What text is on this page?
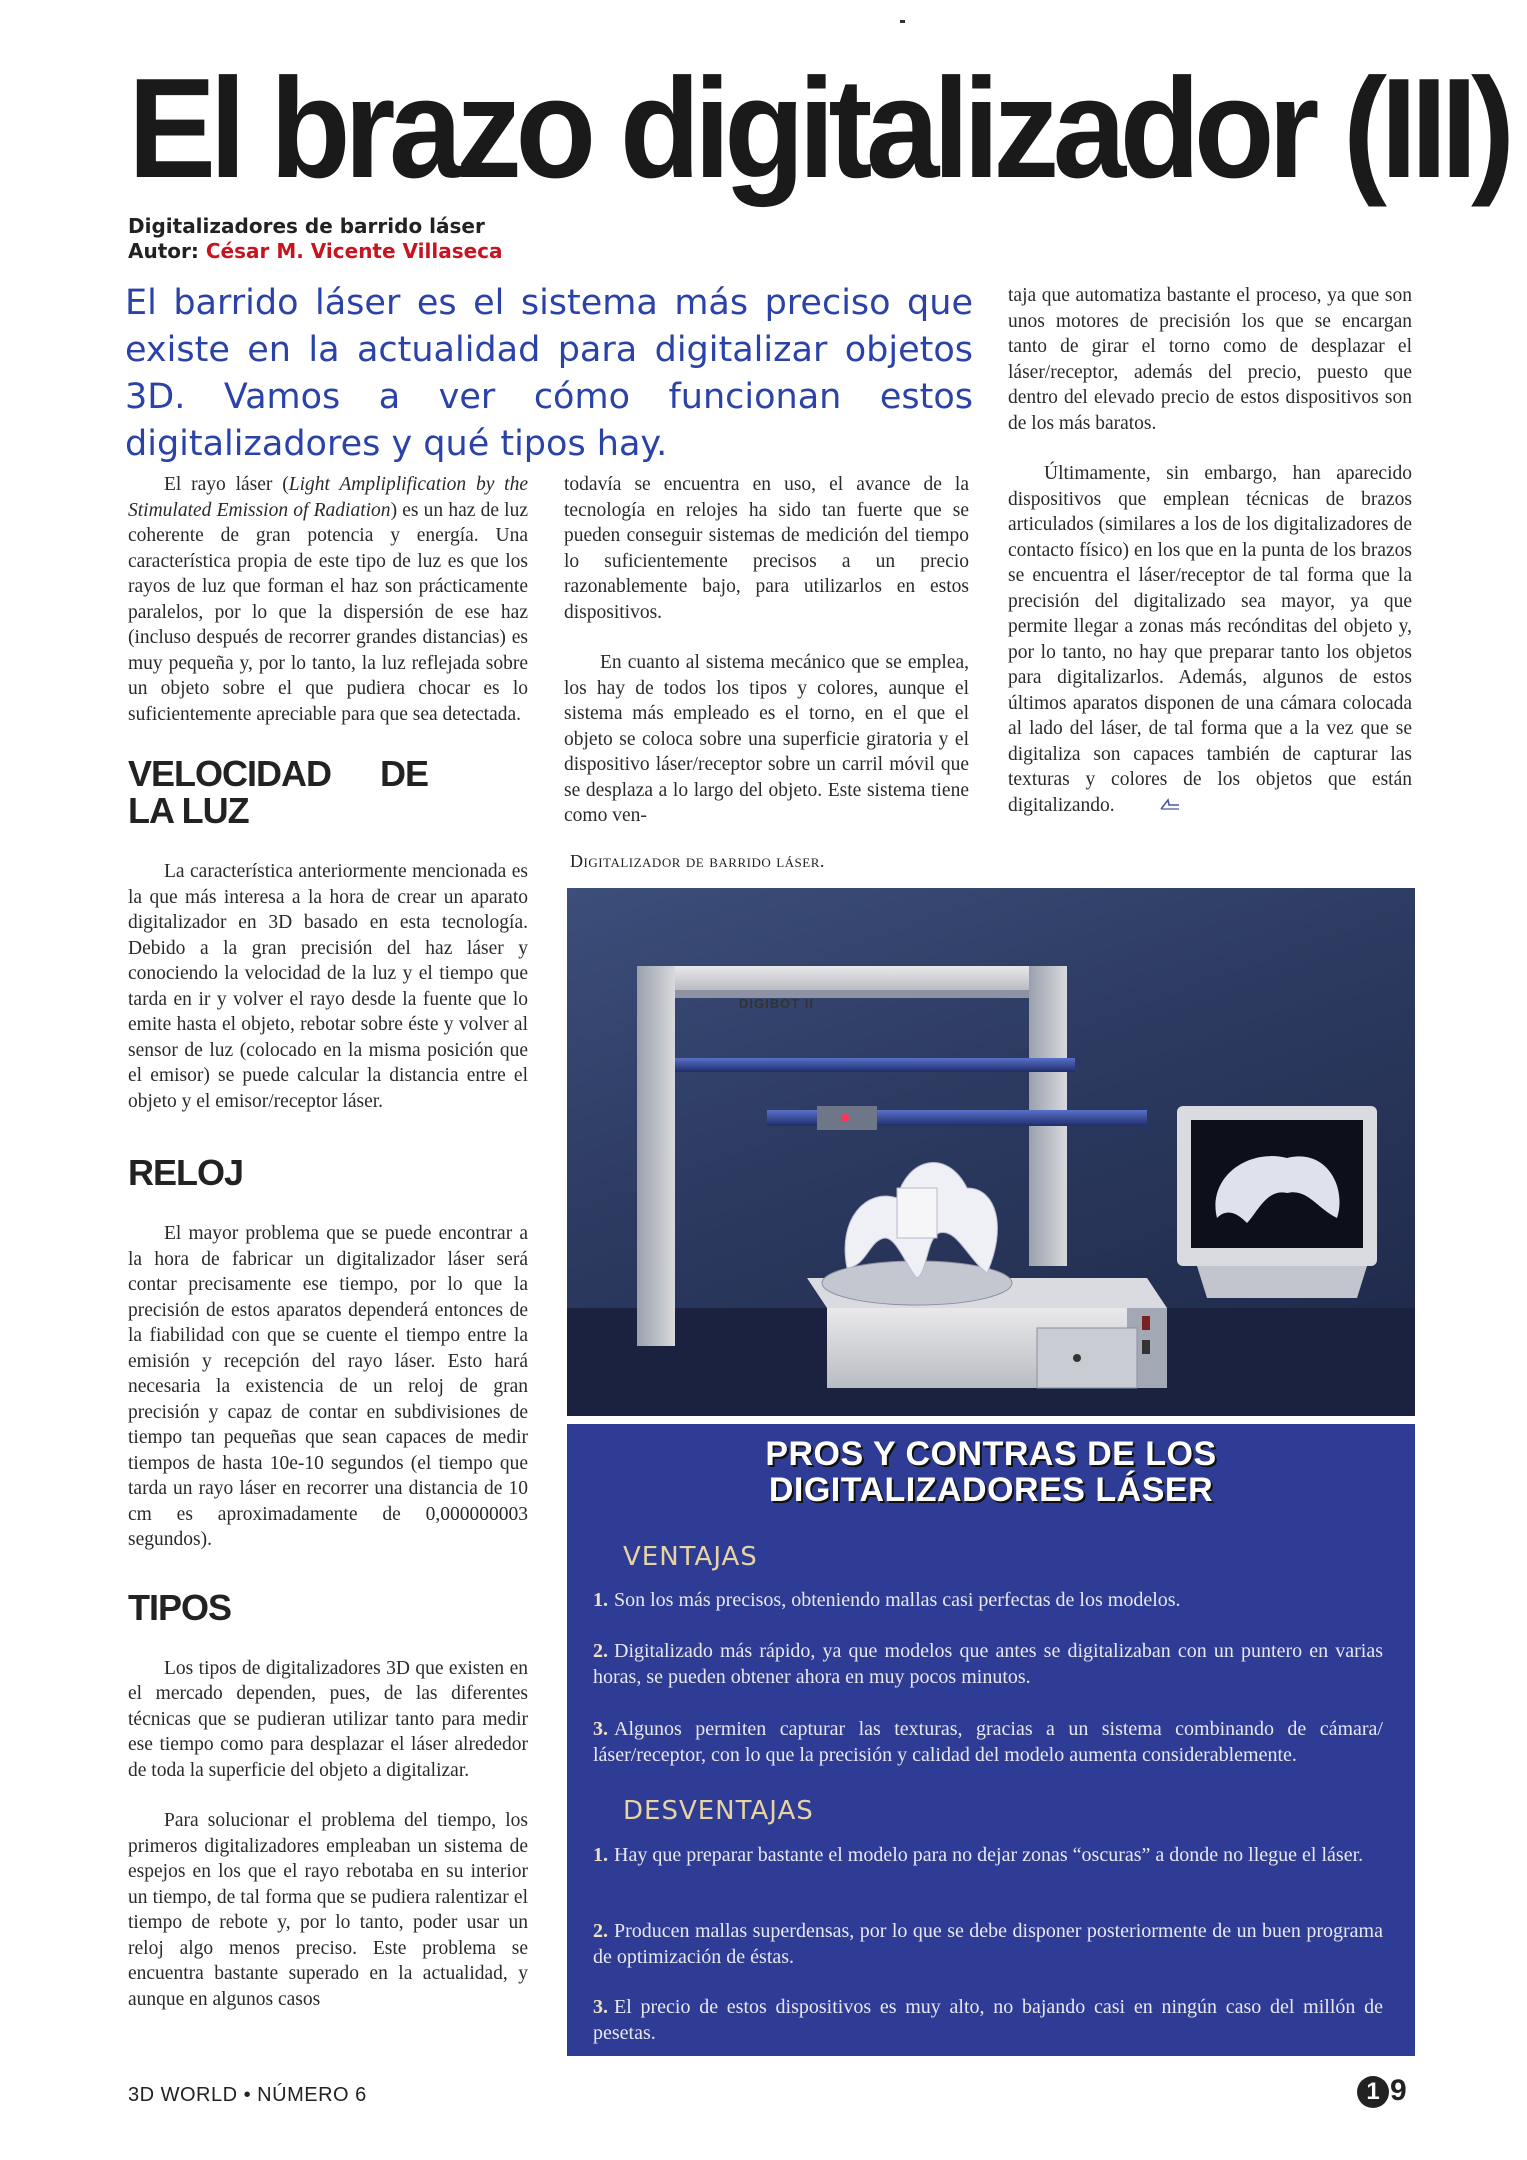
El brazo digitalizador (III)
Digitalizadores de barrido láser
Autor: César M. Vicente Villaseca
El barrido láser es el sistema más preciso que existe en la actualidad para digitalizar objetos 3D. Vamos a ver cómo funcionan estos digitalizadores y qué tipos hay.

El rayo láser (Light Ampliplification by the Stimulated Emission of Radiation) es un haz de luz coherente de gran potencia y energía. Una característica propia de este tipo de luz es que los rayos de luz que forman el haz son prácticamente paralelos, por lo que la dispersión de ese haz (incluso después de recorrer grandes distancias) es muy pequeña y, por lo tanto, la luz reflejada sobre un objeto sobre el que pudiera chocar es lo suficientemente apreciable para que sea detectada.

VELOCIDAD DE LA LUZ

La característica anteriormente mencionada es la que más interesa a la hora de crear un aparato digitalizador en 3D basado en esta tecnología. Debido a la gran precisión del haz láser y conociendo la velocidad de la luz y el tiempo que tarda en ir y volver el rayo desde la fuente que lo emite hasta el objeto, rebotar sobre éste y volver al sensor de luz (colocado en la misma posición que el emisor) se puede calcular la distancia entre el objeto y el emisor/receptor láser.

RELOJ

El mayor problema que se puede encontrar a la hora de fabricar un digitalizador láser será contar precisamente ese tiempo, por lo que la precisión de estos aparatos dependerá entonces de la fiabilidad con que se cuente el tiempo entre la emisión y recepción del rayo láser. Esto hará necesaria la existencia de un reloj de gran precisión y capaz de contar en subdivisiones de tiempo tan pequeñas que sean capaces de medir tiempos de hasta 10e-10 segundos (el tiempo que tarda un rayo láser en recorrer una distancia de 10 cm es aproximadamente de 0,000000003 segundos).

TIPOS

Los tipos de digitalizadores 3D que existen en el mercado dependen, pues, de las diferentes técnicas que se pudieran utilizar tanto para medir ese tiempo como para desplazar el láser alrededor de toda la superficie del objeto a digitalizar.

Para solucionar el problema del tiempo, los primeros digitalizadores empleaban un sistema de espejos en los que el rayo rebotaba en su interior un tiempo, de tal forma que se pudiera ralentizar el tiempo de rebote y, por lo tanto, poder usar un reloj algo menos preciso. Este problema se encuentra bastante superado en la actualidad, y aunque en algunos casos

todavía se encuentra en uso, el avance de la tecnología en relojes ha sido tan fuerte que se pueden conseguir sistemas de medición del tiempo lo suficientemente precisos a un precio razonablemente bajo, para utilizarlos en estos dispositivos.

En cuanto al sistema mecánico que se emplea, los hay de todos los tipos y colores, aunque el sistema más empleado es el torno, en el que el objeto se coloca sobre una superficie giratoria y el dispositivo láser/receptor sobre un carril móvil que se desplaza a lo largo del objeto. Este sistema tiene como ven-

taja que automatiza bastante el proceso, ya que son unos motores de precisión los que se encargan tanto de girar el torno como de desplazar el láser/receptor, además del precio, puesto que dentro del elevado precio de estos dispositivos son de los más baratos.

Últimamente, sin embargo, han aparecido dispositivos que emplean técnicas de brazos articulados (similares a los de los digitalizadores de contacto físico) en los que en la punta de los brazos se encuentra el láser/receptor de tal forma que la precisión del digitalizado sea mayor, ya que permite llegar a zonas más recónditas del objeto y, por lo tanto, no hay que preparar tanto los objetos para digitalizarlos. Además, algunos de estos últimos aparatos disponen de una cámara colocada al lado del láser, de tal forma que a la vez que se digitaliza son capaces también de capturar las texturas y colores de los objetos que están digitalizando.

Digitalizador de barrido láser.
DIGIBOT II
PROS Y CONTRAS DE LOS
DIGITALIZADORES LÁSER
VENTAJAS
1. Son los más precisos, obteniendo mallas casi perfectas de los modelos.
2. Digitalizado más rápido, ya que modelos que antes se digitalizaban con un puntero en varias horas, se pueden obtener ahora en muy pocos minutos.
3. Algunos permiten capturar las texturas, gracias a un sistema combinando de cámara/ láser/receptor, con lo que la precisión y calidad del modelo aumenta considerablemente.
DESVENTAJAS
1. Hay que preparar bastante el modelo para no dejar zonas “oscuras” a donde no llegue el láser.
2. Producen mallas superdensas, por lo que se debe disponer posteriormente de un buen programa de optimización de éstas.
3. El precio de estos dispositivos es muy alto, no bajando casi en ningún caso del millón de pesetas.
3D WORLD • NÚMERO 6	1 9
